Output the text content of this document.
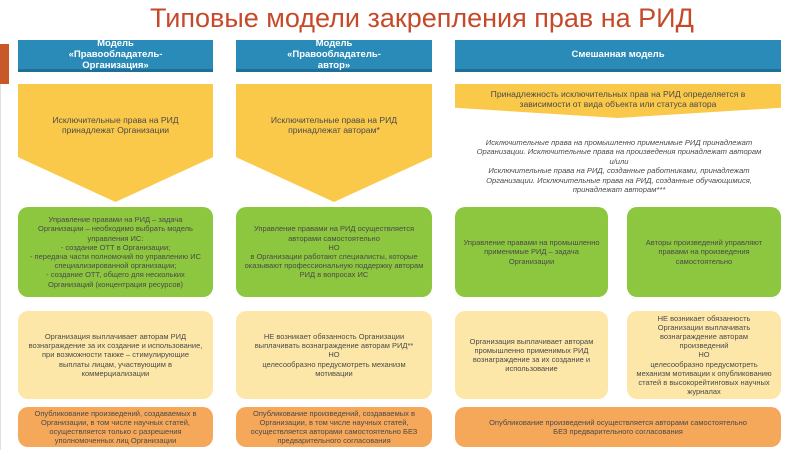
Типовые модели закрепления прав на РИД
Модель «Правообладатель-Организация»
Модель «Правообладатель-автор»
Смешанная модель
Исключительные права на РИД принадлежат Организации
Исключительные права на РИД принадлежат авторам*
Принадлежность исключительных прав на РИД определяется в зависимости от вида объекта или статуса автора
Исключительные права на промышленно применимые РИД принадлежат Организации. Исключительные права на произведения принадлежат авторам
и/или
Исключительные права на РИД, созданные работниками, принадлежат Организации. Исключительные права на РИД, созданные обучающимися, принадлежат авторам***
Управление правами на РИД – задача Организации – необходимо выбрать модель управления ИС:
- создание ОТТ в Организации;
- передача части полномочий по управлению ИС специализированной организации;
- создание ОТТ, общего для нескольких Организаций (концентрация ресурсов)
Управление правами на РИД осуществляется авторами самостоятельно
НО
в Организации работают специалисты, которые оказывают профессиональную поддержку авторам РИД в вопросах ИС
Управление правами на промышленно применимые РИД – задача Организации
Авторы произведений управляют правами на произведения самостоятельно
Организация выплачивает авторам РИД вознаграждение за их создание и использование, при возможности также – стимулирующие выплаты лицам, участвующим в коммерциализации
НЕ возникает обязанность Организации выплачивать вознаграждение авторам РИД**
НО
целесообразно предусмотреть механизм мотивации
Организация выплачивает авторам промышленно применимых РИД вознаграждение за их создание и использование
НЕ возникает обязанность Организации выплачивать вознаграждение авторам произведений
НО
целесообразно предусмотреть механизм мотивации к опубликованию статей в высокорейтинговых научных журналах
Опубликование произведений, создаваемых в Организации, в том числе научных статей, осуществляется только с разрешения уполномоченных лиц Организации
Опубликование произведений, создаваемых в Организации, в том числе научных статей, осуществляется авторами самостоятельно БЕЗ предварительного согласования
Опубликование произведений осуществляется авторами самостоятельно БЕЗ предварительного согласования
